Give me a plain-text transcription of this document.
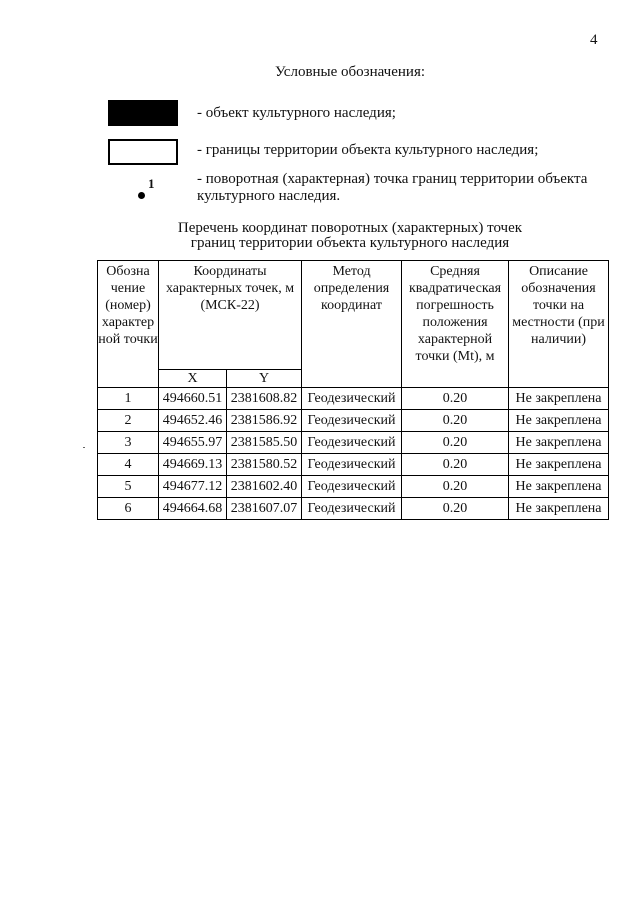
4
Условные обозначения:
- объект культурного наследия;
- границы территории объекта культурного наследия;
1	- поворотная (характерная) точка границ территории объекта культурного наследия.
Перечень координат поворотных (характерных) точек
границ территории объекта культурного наследия
Обозна чение (номер) характер ной точки	Координаты характерных точек, м (МСК-22)		Метод определения координат	Средняя квадратическая погрешность положения характерной точки (Mt), м	Описание обозначения точки на местности (при наличии)
	X	Y			
1	494660.51	2381608.82	Геодезический	0.20	Не закреплена
2	494652.46	2381586.92	Геодезический	0.20	Не закреплена
3	494655.97	2381585.50	Геодезический	0.20	Не закреплена
4	494669.13	2381580.52	Геодезический	0.20	Не закреплена
5	494677.12	2381602.40	Геодезический	0.20	Не закреплена
6	494664.68	2381607.07	Геодезический	0.20	Не закреплена
